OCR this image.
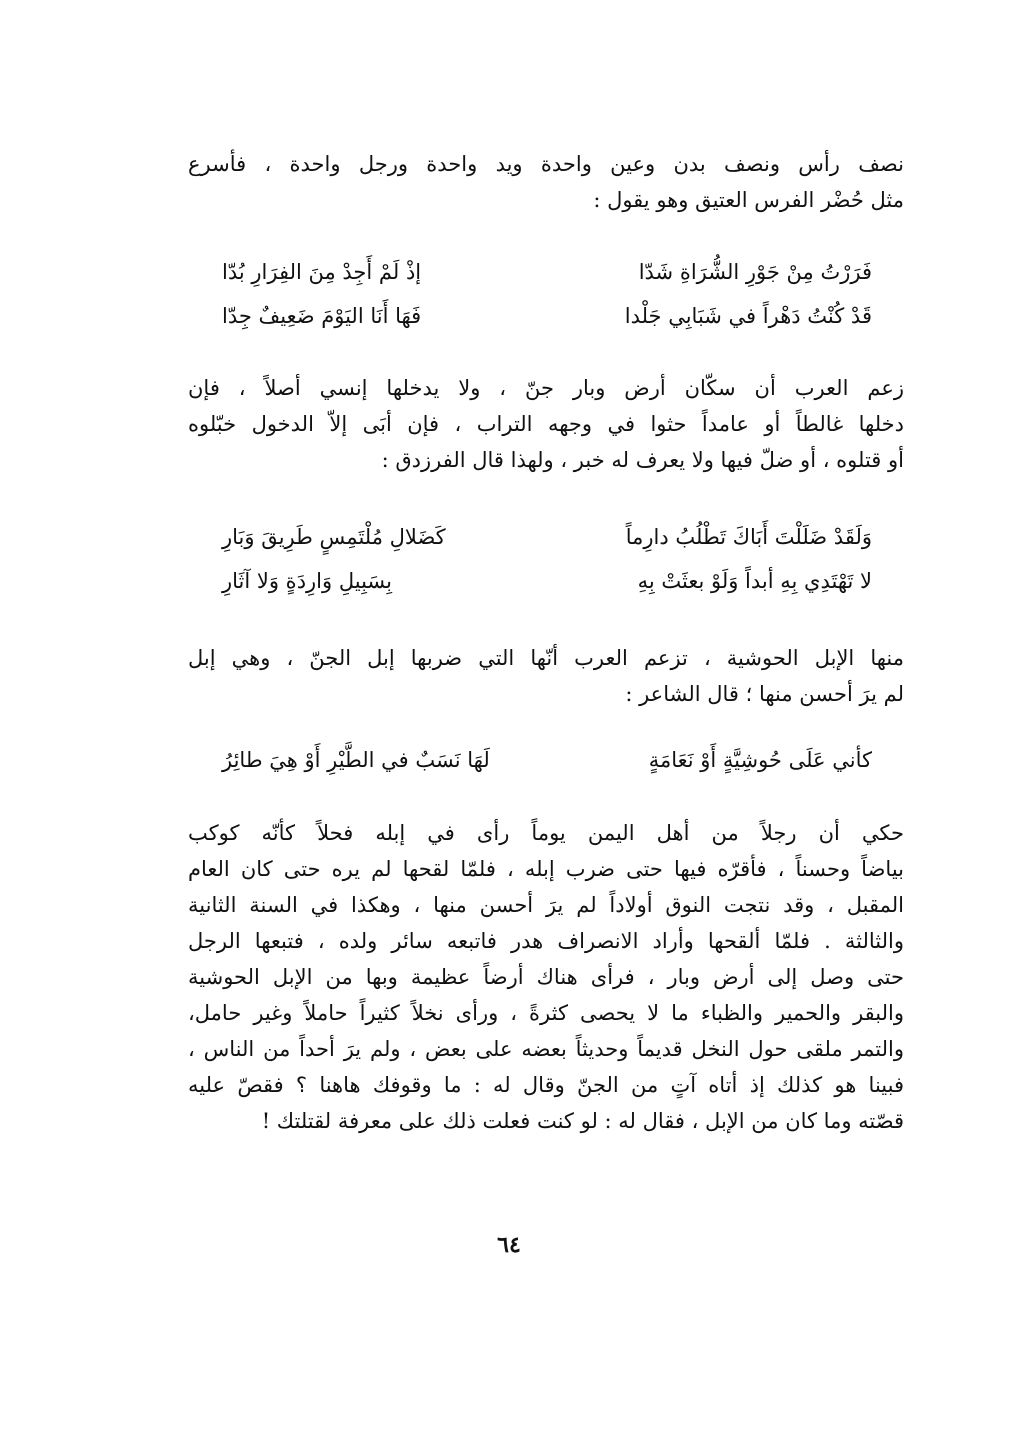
نصف رأس ونصف بدن وعين واحدة ويد واحدة ورجل واحدة ، فأسرع
مثل حُضْر الفرس العتيق وهو يقول :
فَرَرْتُ مِنْ جَوْرِ الشُّرَاةِ شَدّا
إذْ لَمْ أَجِدْ مِنَ الفِرَارِ بُدّا
قَدْ كُنْتُ دَهْراً في شَبَابِي جَلْدا
فَهَا أَنَا اليَوْمَ ضَعِيفٌ جِدّا
زعم العرب أن سكّان أرض وبار جنّ ، ولا يدخلها إنسي أصلاً ، فإن
دخلها غالطاً أو عامداً حثوا في وجهه التراب ، فإن أبَى إلاّ الدخول خبّلوه
أو قتلوه ، أو ضلّ فيها ولا يعرف له خبر ، ولهذا قال الفرزدق :
وَلَقَدْ ضَلَلْتَ أَبَاكَ تَطْلُبُ دارِماً
كَضَلالِ مُلْتَمِسٍ طَرِيقَ وَبَارِ
لا تَهْتَدِي بِهِ أبداً وَلَوْ بعثَتْ بِهِ
بِسَبِيلِ وَارِدَةٍ وَلا آثَارِ
منها الإبل الحوشية ، تزعم العرب أنّها التي ضربها إبل الجنّ ، وهي إبل
لم يرَ أحسن منها ؛ قال الشاعر :
كأني عَلَى حُوشِيَّةٍ أَوْ نَعَامَةٍ
لَهَا نَسَبٌ في الطَّيْرِ أَوْ هِيَ طائِرُ
حكي أن رجلاً من أهل اليمن يوماً رأى في إبله فحلاً كأنّه كوكب
بياضاً وحسناً ، فأقرّه فيها حتى ضرب إبله ، فلمّا لقحها لم يره حتى كان العام
المقبل ، وقد نتجت النوق أولاداً لم يرَ أحسن منها ، وهكذا في السنة الثانية
والثالثة . فلمّا ألقحها وأراد الانصراف هدر فاتبعه سائر ولده ، فتبعها الرجل
حتى وصل إلى أرض وبار ، فرأى هناك أرضاً عظيمة وبها من الإبل الحوشية
والبقر والحمير والظباء ما لا يحصى كثرةً ، ورأى نخلاً كثيراً حاملاً وغير حامل،
والتمر ملقى حول النخل قديماً وحديثاً بعضه على بعض ، ولم يرَ أحداً من الناس ،
فبينا هو كذلك إذ أتاه آتٍ من الجنّ وقال له : ما وقوفك هاهنا ؟ فقصّ عليه
قصّته وما كان من الإبل ، فقال له : لو كنت فعلت ذلك على معرفة لقتلتك !
٦٤
